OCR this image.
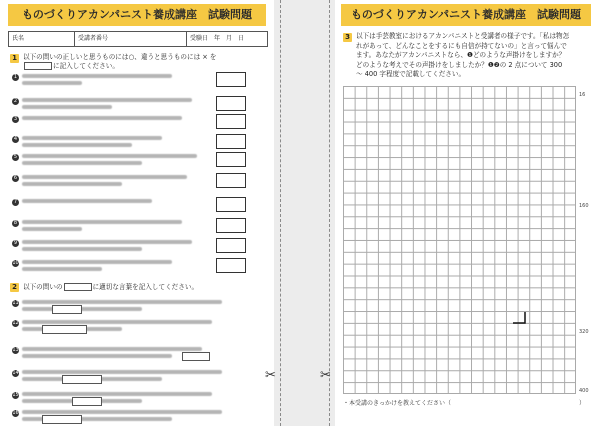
ものづくりアカンパニスト養成講座　試験問題
氏名	受講者番号	受験日　年　月　日
1 以下の問いの正しいと思うものには○、違うと思うものには × を
に記入してください。
1
2
3
4
5
6
7
8
9
10
2 以下の問いの	に適切な言葉を記入してください。
11
12
13
14
15
16
✂	✂
ものづくりアカンパニスト養成講座　試験問題
3 以下は手芸教室におけるアカンパニストと受講者の様子です。「私は物怎
れがあって、どんなことをするにも自信が持てないの」と言って悩んで
ます。あなたがアカンパニストなら、❶どのような声掛けをしますか？
どのような考えでその声掛けをしましたか？❶❷の 2 点について 300
〜 400 字程度で記載してください。
16
160
320
400
・本受講のきっかけを教えてください（	）
